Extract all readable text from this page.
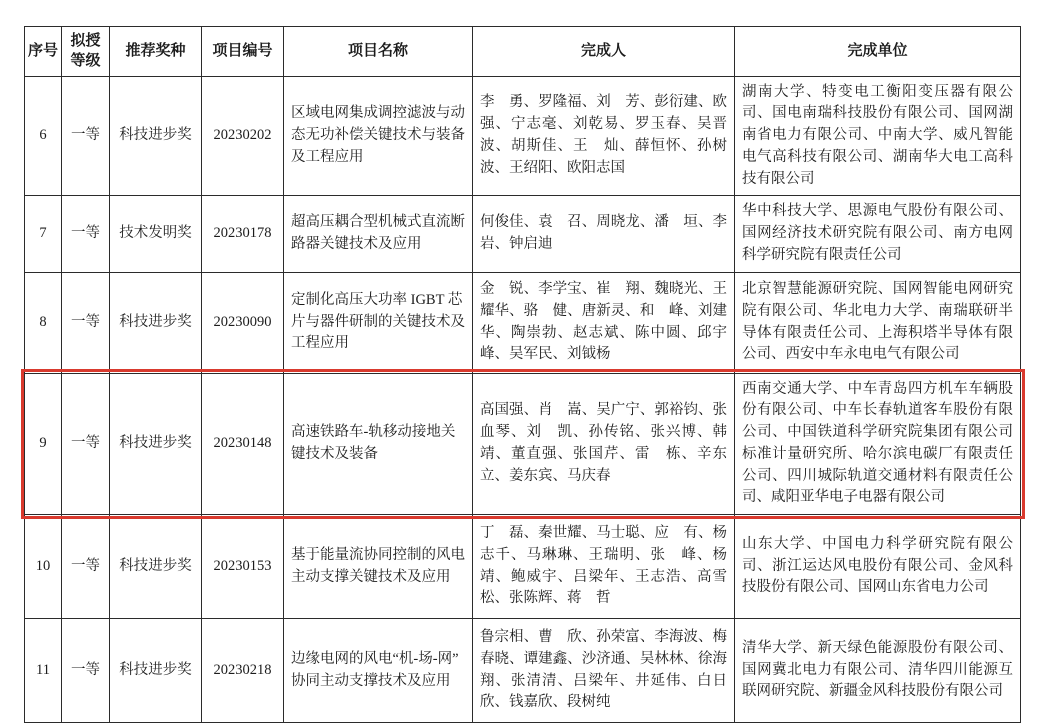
序号	拟授等级	推荐奖种	项目编号	项目名称	完成人	完成单位
6	一等	科技进步奖	20230202	区域电网集成调控滤波与动态无功补偿关键技术与装备及工程应用	李　勇、罗隆福、刘　芳、彭衍建、欧　强、宁志毫、刘乾易、罗玉春、吴晋波、胡斯佳、王　灿、薛恒怀、孙树波、王绍阳、欧阳志国	湖南大学、特变电工衡阳变压器有限公司、国电南瑞科技股份有限公司、国网湖南省电力有限公司、中南大学、威凡智能电气高科技有限公司、湖南华大电工高科技有限公司
7	一等	技术发明奖	20230178	超高压耦合型机械式直流断路器关键技术及应用	何俊佳、袁　召、周晓龙、潘　垣、李　岩、钟启迪	华中科技大学、思源电气股份有限公司、国网经济技术研究院有限公司、南方电网科学研究院有限责任公司
8	一等	科技进步奖	20230090	定制化高压大功率 IGBT 芯片与器件研制的关键技术及工程应用	金　锐、李学宝、崔　翔、魏晓光、王耀华、骆　健、唐新灵、和　峰、刘建华、陶崇勃、赵志斌、陈中圆、邱宇峰、吴军民、刘钺杨	北京智慧能源研究院、国网智能电网研究院有限公司、华北电力大学、南瑞联研半导体有限责任公司、上海积塔半导体有限公司、西安中车永电电气有限公司
9	一等	科技进步奖	20230148	高速铁路车-轨移动接地关键技术及装备	高国强、肖　嵩、吴广宁、郭裕钧、张血琴、刘　凯、孙传铭、张兴博、韩　靖、董直强、张国芹、雷　栋、辛东立、姜东宾、马庆春	西南交通大学、中车青岛四方机车车辆股份有限公司、中车长春轨道客车股份有限公司、中国铁道科学研究院集团有限公司标准计量研究所、哈尔滨电碳厂有限责任公司、四川城际轨道交通材料有限责任公司、咸阳亚华电子电器有限公司
10	一等	科技进步奖	20230153	基于能量流协同控制的风电主动支撑关键技术及应用	丁　磊、秦世耀、马士聪、应　有、杨志千、马琳琳、王瑞明、张　峰、杨　靖、鲍威宇、吕梁年、王志浩、高雪松、张陈辉、蒋　哲	山东大学、中国电力科学研究院有限公司、浙江运达风电股份有限公司、金风科技股份有限公司、国网山东省电力公司
11	一等	科技进步奖	20230218	边缘电网的风电“机-场-网”协同主动支撑技术及应用	鲁宗相、曹　欣、孙荣富、李海波、梅春晓、谭建鑫、沙济通、吴林林、徐海翔、张清清、吕梁年、井延伟、白日欣、钱嘉欣、段树纯	清华大学、新天绿色能源股份有限公司、国网冀北电力有限公司、清华四川能源互联网研究院、新疆金风科技股份有限公司
